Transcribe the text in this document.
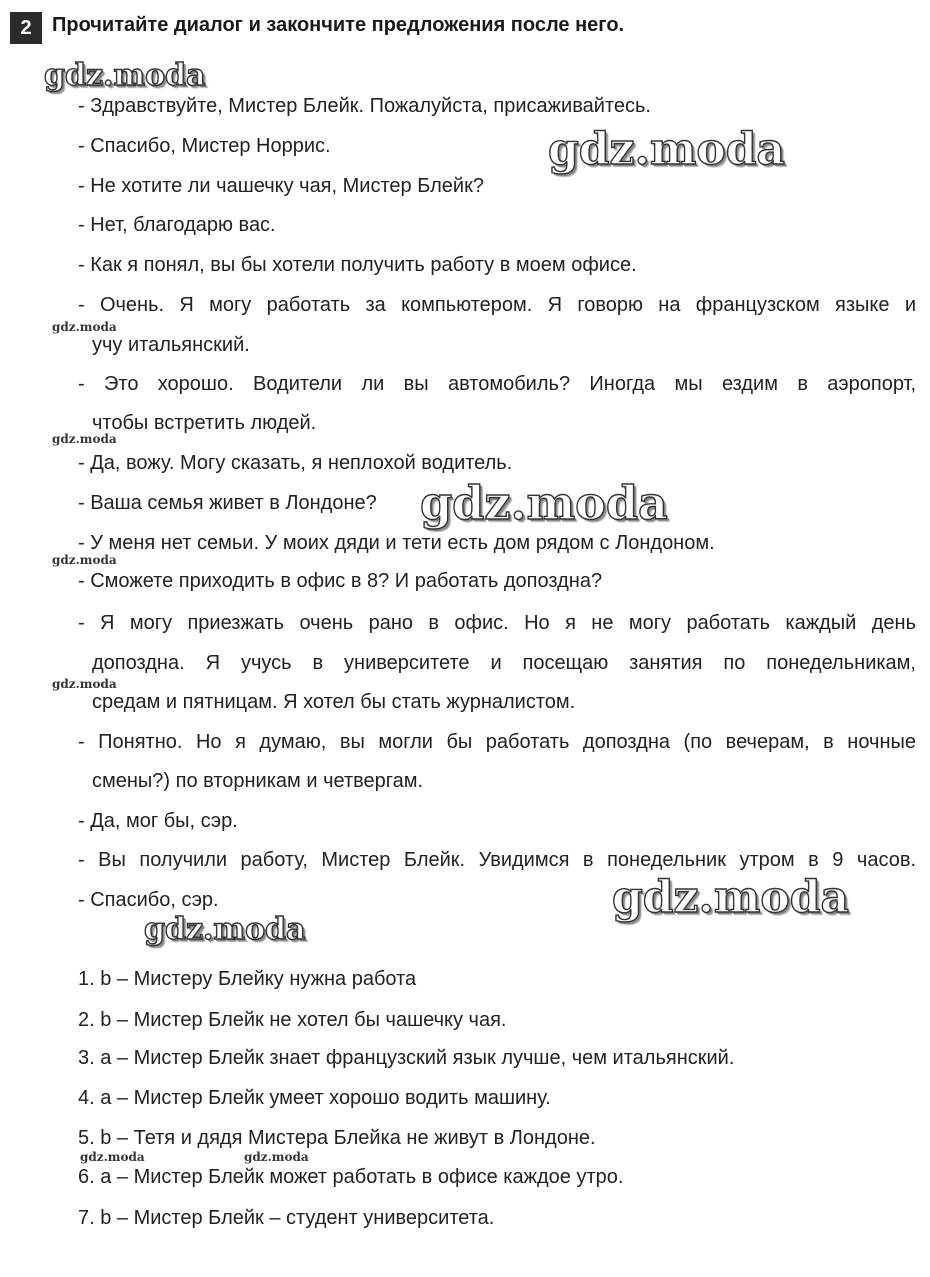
2	Прочитайте диалог и закончите предложения после него.
- Здравствуйте, Мистер Блейк. Пожалуйста, присаживайтесь.
- Спасибо, Мистер Норрис.
- Не хотите ли чашечку чая, Мистер Блейк?
- Нет, благодарю вас.
- Как я понял, вы бы хотели получить работу в моем офисе.
- Очень. Я могу работать за компьютером. Я говорю на французском языке и
учу итальянский.
- Это хорошо. Водители ли вы автомобиль? Иногда мы ездим в аэропорт,
чтобы встретить людей.
- Да, вожу. Могу сказать, я неплохой водитель.
- Ваша семья живет в Лондоне?
- У меня нет семьи. У моих дяди и тети есть дом рядом с Лондоном.
- Сможете приходить в офис в 8? И работать допоздна?
- Я могу приезжать очень рано в офис. Но я не могу работать каждый день
допоздна. Я учусь в университете и посещаю занятия по понедельникам,
средам и пятницам. Я хотел бы стать журналистом.
- Понятно. Но я думаю, вы могли бы работать допоздна (по вечерам, в ночные
смены?) по вторникам и четвергам.
- Да, мог бы, сэр.
- Вы получили работу, Мистер Блейк. Увидимся в понедельник утром в 9 часов.
- Спасибо, сэр.
1. b – Мистеру Блейку нужна работа
2. b – Мистер Блейк не хотел бы чашечку чая.
3. a – Мистер Блейк знает французский язык лучше, чем итальянский.
4. a – Мистер Блейк умеет хорошо водить машину.
5. b – Тетя и дядя Мистера Блейка не живут в Лондоне.
6. a – Мистер Блейк может работать в офисе каждое утро.
7. b – Мистер Блейк – студент университета.
gdz.moda
gdz.moda
gdz.moda
gdz.moda
gdz.moda
gdz.moda
gdz.moda
gdz.moda
gdz.moda
gdz.moda	gdz.moda
